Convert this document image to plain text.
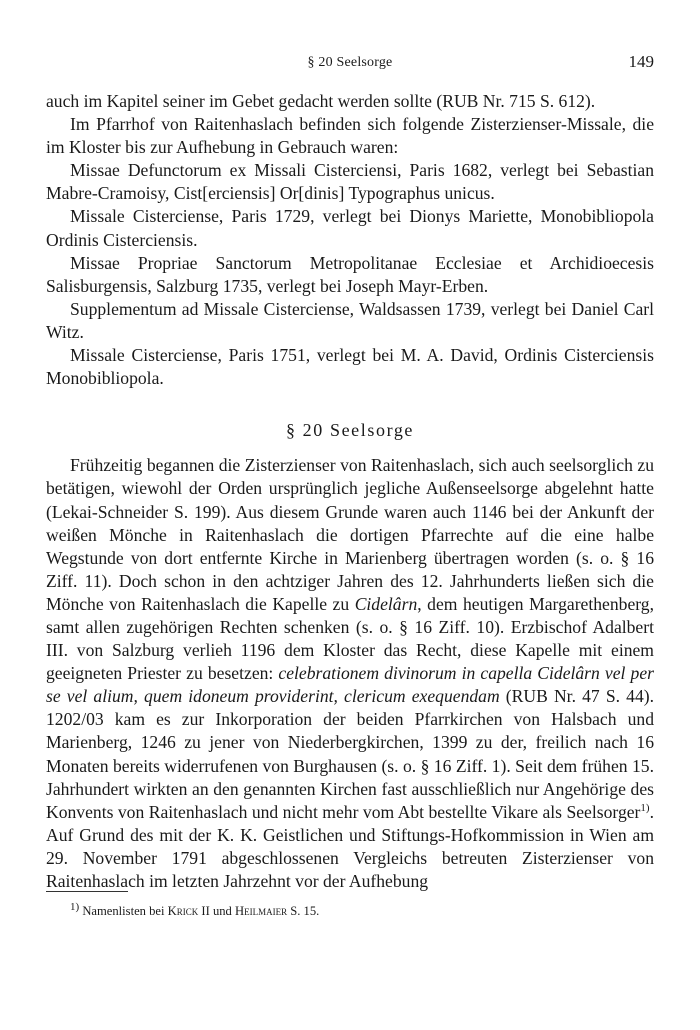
§ 20 Seelsorge	149

auch im Kapitel seiner im Gebet gedacht werden sollte (RUB Nr. 715 S. 612).

Im Pfarrhof von Raitenhaslach befinden sich folgende Zisterzienser-Missale, die im Kloster bis zur Aufhebung in Gebrauch waren:

Missae Defunctorum ex Missali Cisterciensi, Paris 1682, verlegt bei Sebastian Mabre-Cramoisy, Cist[erciensis] Or[dinis] Typographus unicus.

Missale Cisterciense, Paris 1729, verlegt bei Dionys Mariette, Monobibliopola Ordinis Cisterciensis.

Missae Propriae Sanctorum Metropolitanae Ecclesiae et Archidioecesis Salisburgensis, Salzburg 1735, verlegt bei Joseph Mayr-Erben.

Supplementum ad Missale Cisterciense, Waldsassen 1739, verlegt bei Daniel Carl Witz.

Missale Cisterciense, Paris 1751, verlegt bei M. A. David, Ordinis Cisterciensis Monobibliopola.

§ 20 Seelsorge

Frühzeitig begannen die Zisterzienser von Raitenhaslach, sich auch seelsorglich zu betätigen, wiewohl der Orden ursprünglich jegliche Außenseelsorge abgelehnt hatte (Lekai-Schneider S. 199). Aus diesem Grunde waren auch 1146 bei der Ankunft der weißen Mönche in Raitenhaslach die dortigen Pfarrechte auf die eine halbe Wegstunde von dort entfernte Kirche in Marienberg übertragen worden (s. o. § 16 Ziff. 11). Doch schon in den achtziger Jahren des 12. Jahrhunderts ließen sich die Mönche von Raitenhaslach die Kapelle zu Cidelârn, dem heutigen Margarethenberg, samt allen zugehörigen Rechten schenken (s. o. § 16 Ziff. 10). Erzbischof Adalbert III. von Salzburg verlieh 1196 dem Kloster das Recht, diese Kapelle mit einem geeigneten Priester zu besetzen: celebrationem divinorum in capella Cidelârn vel per se vel alium, quem idoneum providerint, clericum exequendam (RUB Nr. 47 S. 44). 1202/03 kam es zur Inkorporation der beiden Pfarrkirchen von Halsbach und Marienberg, 1246 zu jener von Niederbergkirchen, 1399 zu der, freilich nach 16 Monaten bereits widerrufenen von Burghausen (s. o. § 16 Ziff. 1). Seit dem frühen 15. Jahrhundert wirkten an den genannten Kirchen fast ausschließlich nur Angehörige des Konvents von Raitenhaslach und nicht mehr vom Abt bestellte Vikare als Seelsorger$^{1)}$. Auf Grund des mit der K. K. Geistlichen und Stiftungs-Hofkommission in Wien am 29. November 1791 abgeschlossenen Vergleichs betreuten Zisterzienser von Raitenhaslach im letzten Jahrzehnt vor der Aufhebung

1) Namenlisten bei Krick II und Heilmaier S. 15.
